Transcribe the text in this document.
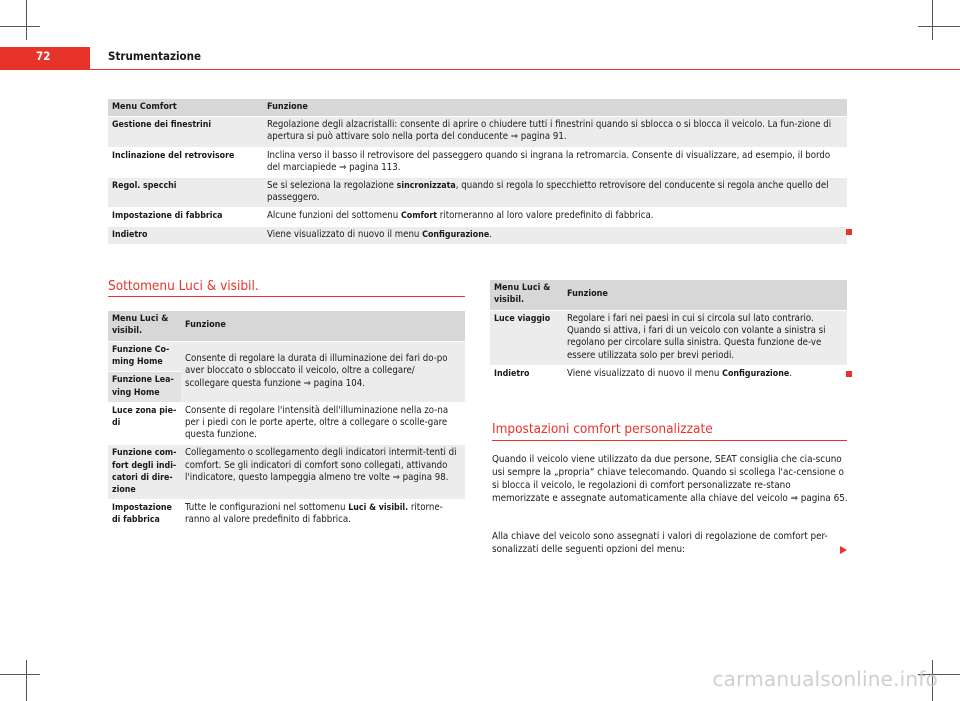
72	Strumentazione
Menu Comfort	Funzione
Gestione dei finestrini	Regolazione degli alzacristalli: consente di aprire o chiudere tutti i finestrini quando si sblocca o si blocca il veicolo. La fun-zione di apertura si può attivare solo nella porta del conducente ⇒ pagina 91.
Inclinazione del retrovisore	Inclina verso il basso il retrovisore del passeggero quando si ingrana la retromarcia. Consente di visualizzare, ad esempio, il bordo del marciapiede ⇒ pagina 113.
Regol. specchi	Se si seleziona la regolazione sincronizzata, quando si regola lo specchietto retrovisore del conducente si regola anche quello del passeggero.
Impostazione di fabbrica	Alcune funzioni del sottomenu Comfort ritorneranno al loro valore predefinito di fabbrica.
Indietro	Viene visualizzato di nuovo il menu Configurazione.
Sottomenu Luci & visibil.
Menu Luci & visibil.	Funzione
Funzione Co-ming Home	Consente di regolare la durata di illuminazione dei fari do-po aver bloccato o sbloccato il veicolo, oltre a collegare/ scollegare questa funzione ⇒ pagina 104.
Funzione Lea-ving Home	
Luce zona pie-di	Consente di regolare l'intensità dell'illuminazione nella zo-na per i piedi con le porte aperte, oltre a collegare o scolle-gare questa funzione.
Funzione com-fort degli indi-catori di dire-zione	Collegamento o scollegamento degli indicatori intermit-tenti di comfort. Se gli indicatori di comfort sono collegati, attivando l'indicatore, questo lampeggia almeno tre volte ⇒ pagina 98.
Impostazione di fabbrica	Tutte le configurazioni nel sottomenu Luci & visibil. ritorne-ranno al valore predefinito di fabbrica.
Menu Luci & visibil.	Funzione
Luce viaggio	Regolare i fari nei paesi in cui si circola sul lato contrario. Quando si attiva, i fari di un veicolo con volante a sinistra si regolano per circolare sulla sinistra. Questa funzione de-ve essere utilizzata solo per brevi periodi.
Indietro	Viene visualizzato di nuovo il menu Configurazione.
Impostazioni comfort personalizzate
Quando il veicolo viene utilizzato da due persone, SEAT consiglia che cia-scuno usi sempre la „propria“ chiave telecomando. Quando si scollega l'ac-censione o si blocca il veicolo, le regolazioni di comfort personalizzate re-stano memorizzate e assegnate automaticamente alla chiave del veicolo ⇒ pagina 65.
Alla chiave del veicolo sono assegnati i valori di regolazione de comfort per-sonalizzati delle seguenti opzioni del menu:
carmanualsonline.info
